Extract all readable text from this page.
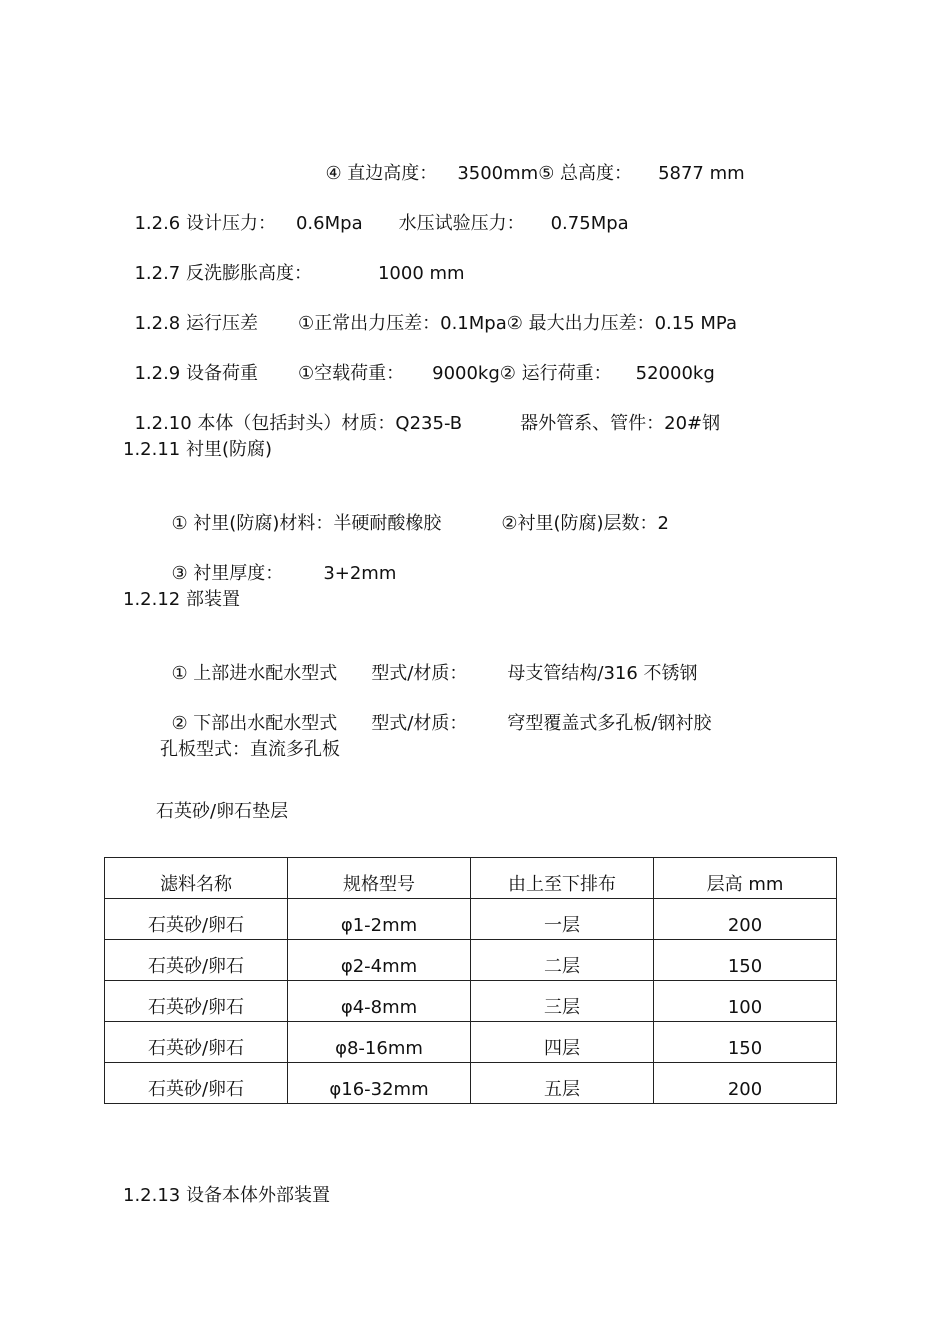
④ 直边高度： 3500mm⑤ 总高度： 5877 mm

1.2.6 设计压力： 0.6Mpa 水压试验压力： 0.75Mpa

1.2.7 反洗膨胀高度：	1000 mm

1.2.8 运行压差 ①正常出力压差：0.1Mpa② 最大出力压差：0.15 MPa

1.2.9 设备荷重 ①空载荷重： 9000kg② 运行荷重： 52000kg

1.2.10 本体（包括封头）材质：Q235-B	器外管系、管件：20#钢

1.2.11 衬里(防腐)

① 衬里(防腐)材料：半硬耐酸橡胶	②衬里(防腐)层数：2

③ 衬里厚度： 3+2mm

1.2.12 部装置

① 上部进水配水型式 型式/材质： 母支管结构/316 不锈钢

② 下部出水配水型式 型式/材质： 穹型覆盖式多孔板/钢衬胶

孔板型式：直流多孔板
石英砂/卵石垫层
滤料名称	规格型号	由上至下排布	层高 mm
石英砂/卵石	φ1-2mm	一层	200
石英砂/卵石	φ2-4mm	二层	150
石英砂/卵石	φ4-8mm	三层	100
石英砂/卵石	φ8-16mm	四层	150
石英砂/卵石	φ16-32mm	五层	200
1.2.13 设备本体外部装置
